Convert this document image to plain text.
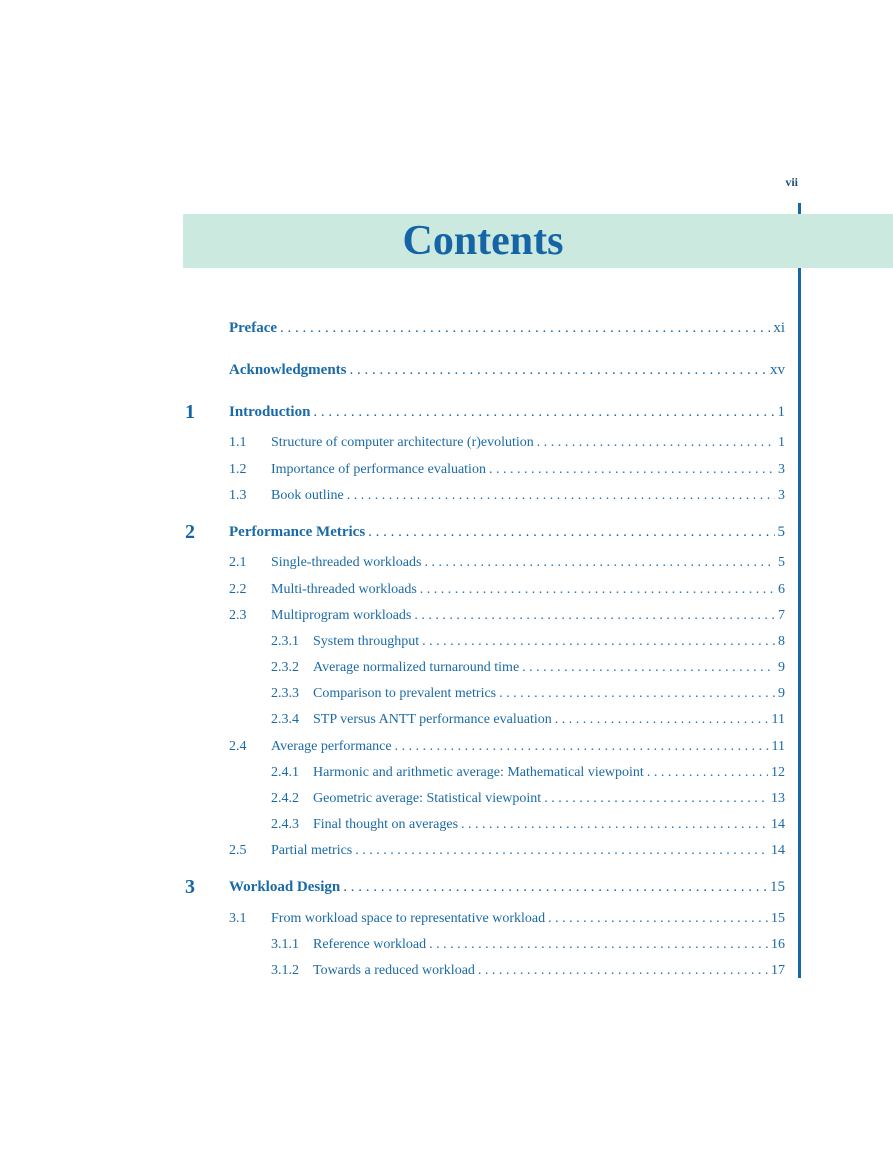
vii
Contents
Preface . . .	xi
Acknowledgments . . .	xv
1 Introduction . . .	1
1.1	Structure of computer architecture (r)evolution . . .	1
1.2	Importance of performance evaluation . . .	3
1.3	Book outline . . .	3
2 Performance Metrics . . .	5
2.1	Single-threaded workloads . . .	5
2.2	Multi-threaded workloads . . .	6
2.3	Multiprogram workloads . . .	7
2.3.1	System throughput . . .	8
2.3.2	Average normalized turnaround time . . .	9
2.3.3	Comparison to prevalent metrics . . .	9
2.3.4	STP versus ANTT performance evaluation . . .	11
2.4	Average performance . . .	11
2.4.1	Harmonic and arithmetic average: Mathematical viewpoint . . .	12
2.4.2	Geometric average: Statistical viewpoint . . .	13
2.4.3	Final thought on averages . . .	14
2.5	Partial metrics . . .	14
3 Workload Design . . .	15
3.1	From workload space to representative workload . . .	15
3.1.1	Reference workload . . .	16
3.1.2	Towards a reduced workload . . .	17
